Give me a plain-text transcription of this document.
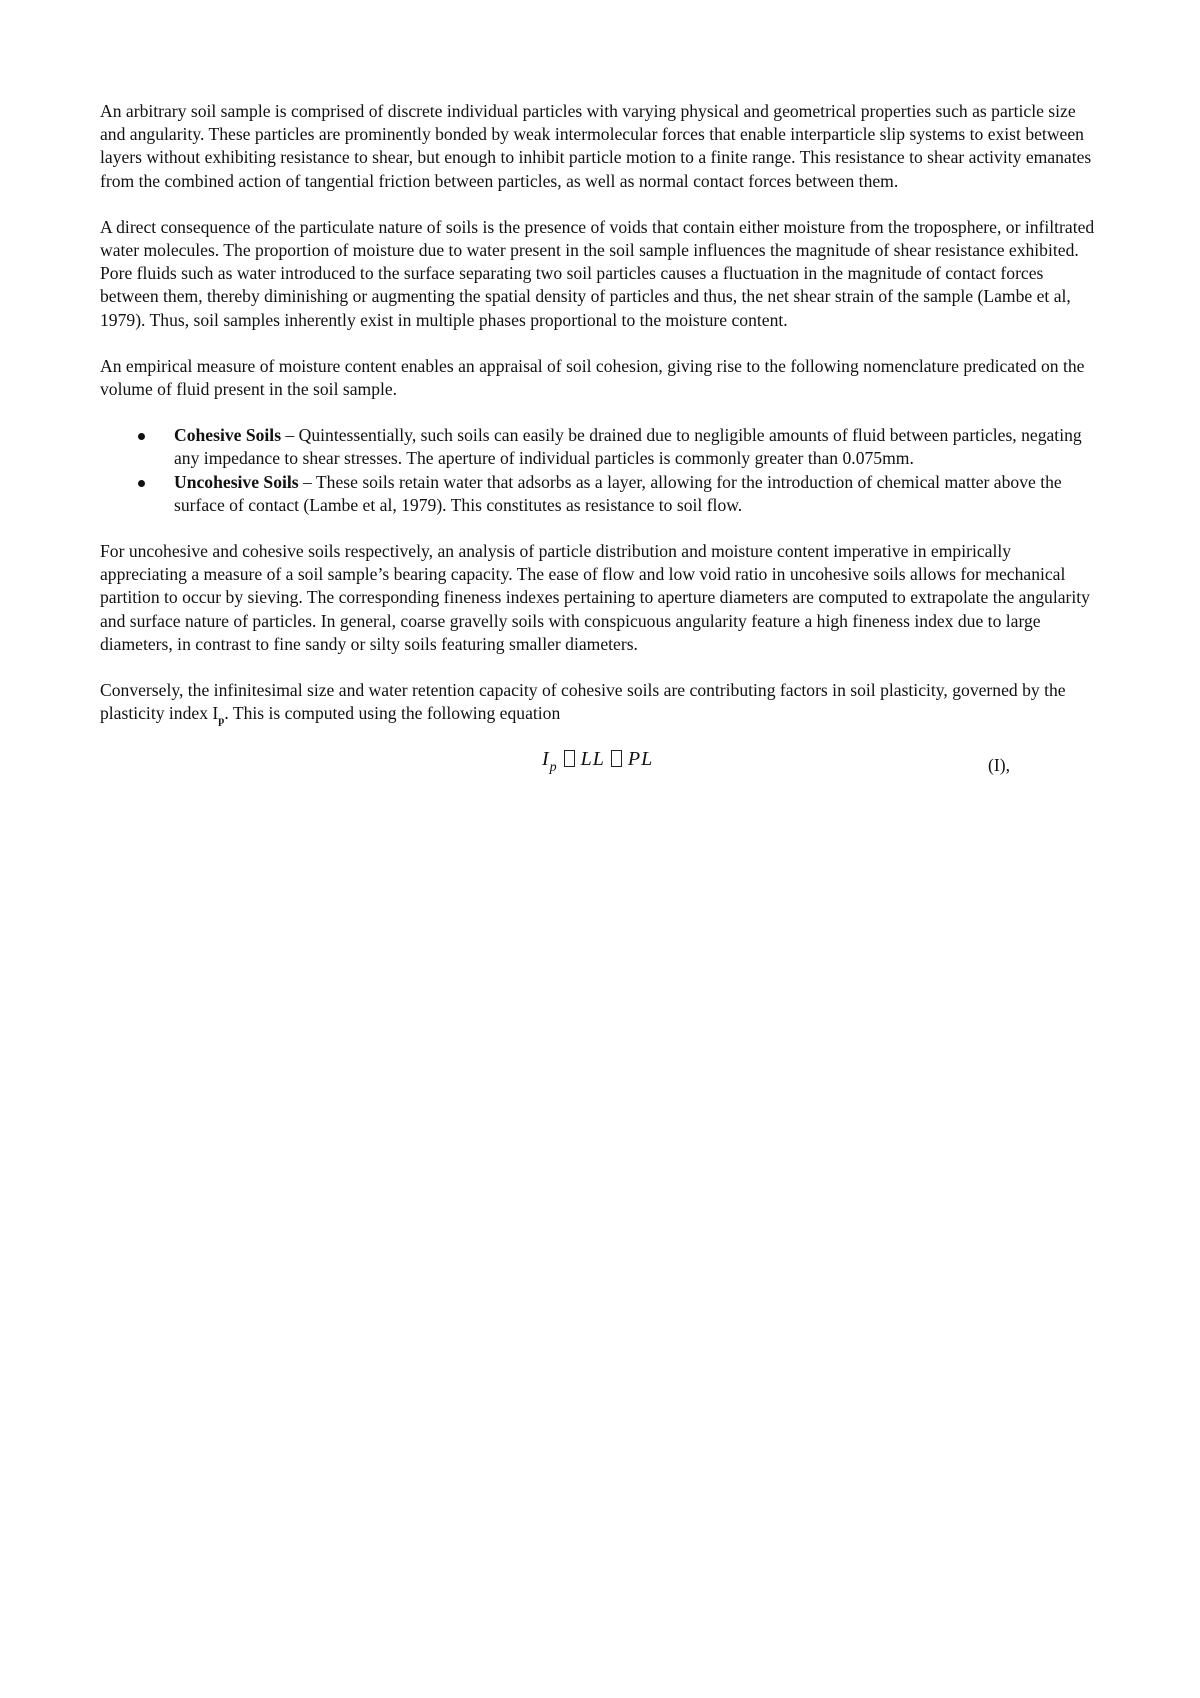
An arbitrary soil sample is comprised of discrete individual particles with varying physical and geometrical properties such as particle size and angularity. These particles are prominently bonded by weak intermolecular forces that enable interparticle slip systems to exist between layers without exhibiting resistance to shear, but enough to inhibit particle motion to a finite range. This resistance to shear activity emanates from the combined action of tangential friction between particles, as well as normal contact forces between them.

A direct consequence of the particulate nature of soils is the presence of voids that contain either moisture from the troposphere, or infiltrated water molecules. The proportion of moisture due to water present in the soil sample influences the magnitude of shear resistance exhibited. Pore fluids such as water introduced to the surface separating two soil particles causes a fluctuation in the magnitude of contact forces between them, thereby diminishing or augmenting the spatial density of particles and thus, the net shear strain of the sample (Lambe et al, 1979). Thus, soil samples inherently exist in multiple phases proportional to the moisture content.

An empirical measure of moisture content enables an appraisal of soil cohesion, giving rise to the following nomenclature predicated on the volume of fluid present in the soil sample.

Cohesive Soils – Quintessentially, such soils can easily be drained due to negligible amounts of fluid between particles, negating any impedance to shear stresses. The aperture of individual particles is commonly greater than 0.075mm.
Uncohesive Soils – These soils retain water that adsorbs as a layer, allowing for the introduction of chemical matter above the surface of contact (Lambe et al, 1979). This constitutes as resistance to soil flow.

For uncohesive and cohesive soils respectively, an analysis of particle distribution and moisture content imperative in empirically appreciating a measure of a soil sample’s bearing capacity. The ease of flow and low void ratio in uncohesive soils allows for mechanical partition to occur by sieving. The corresponding fineness indexes pertaining to aperture diameters are computed to extrapolate the angularity and surface nature of particles. In general, coarse gravelly soils with conspicuous angularity feature a high fineness index due to large diameters, in contrast to fine sandy or silty soils featuring smaller diameters.

Conversely, the infinitesimal size and water retention capacity of cohesive soils are contributing factors in soil plasticity, governed by the plasticity index $I_p$. This is computed using the following equation

$I_p$ LL PL	(I),
